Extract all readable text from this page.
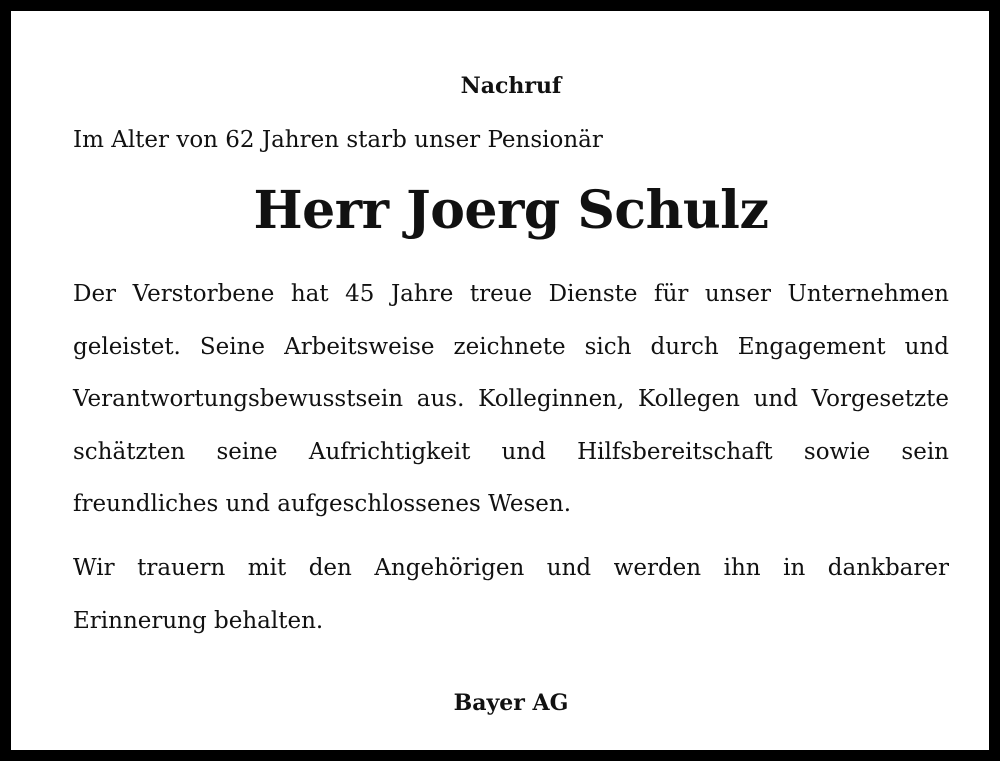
Nachruf

Im Alter von 62 Jahren starb unser Pensionär

Herr Joerg Schulz

Der Verstorbene hat 45 Jahre treue Dienste für unser Unternehmen geleistet. Seine Arbeitsweise zeichnete sich durch Engagement und Verantwortungsbewusstsein aus. Kolleginnen, Kollegen und Vorgesetzte schätzten seine Aufrichtigkeit und Hilfsbereitschaft sowie sein freundliches und aufgeschlossenes Wesen.

Wir trauern mit den Angehörigen und werden ihn in dankbarer Erinnerung behalten.

Bayer AG
